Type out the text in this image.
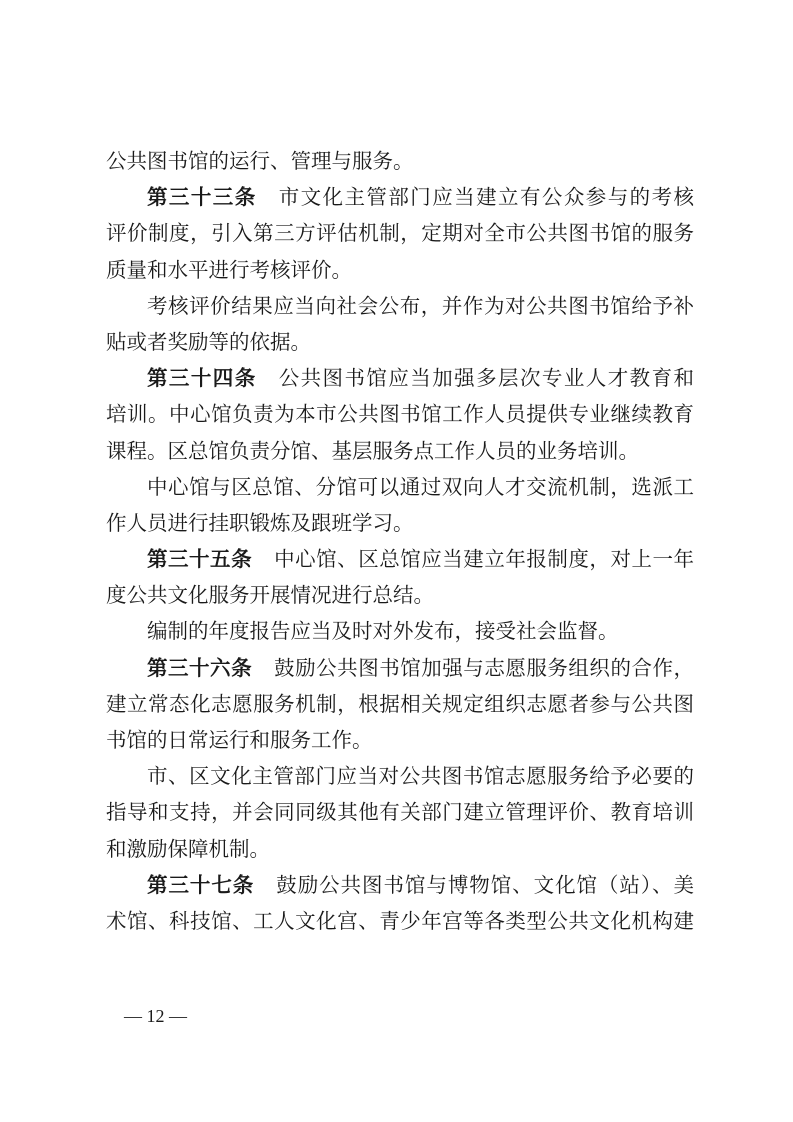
公共图书馆的运行、管理与服务。
第三十三条 市文化主管部门应当建立有公众参与的考核
评价制度，引入第三方评估机制，定期对全市公共图书馆的服务
质量和水平进行考核评价。
考核评价结果应当向社会公布，并作为对公共图书馆给予补
贴或者奖励等的依据。
第三十四条 公共图书馆应当加强多层次专业人才教育和
培训。中心馆负责为本市公共图书馆工作人员提供专业继续教育
课程。区总馆负责分馆、基层服务点工作人员的业务培训。
中心馆与区总馆、分馆可以通过双向人才交流机制，选派工
作人员进行挂职锻炼及跟班学习。
第三十五条 中心馆、区总馆应当建立年报制度，对上一年
度公共文化服务开展情况进行总结。
编制的年度报告应当及时对外发布，接受社会监督。
第三十六条 鼓励公共图书馆加强与志愿服务组织的合作，
建立常态化志愿服务机制，根据相关规定组织志愿者参与公共图
书馆的日常运行和服务工作。
市、区文化主管部门应当对公共图书馆志愿服务给予必要的
指导和支持，并会同同级其他有关部门建立管理评价、教育培训
和激励保障机制。
第三十七条 鼓励公共图书馆与博物馆、文化馆（站）、美
术馆、科技馆、工人文化宫、青少年宫等各类型公共文化机构建
— 12 —
